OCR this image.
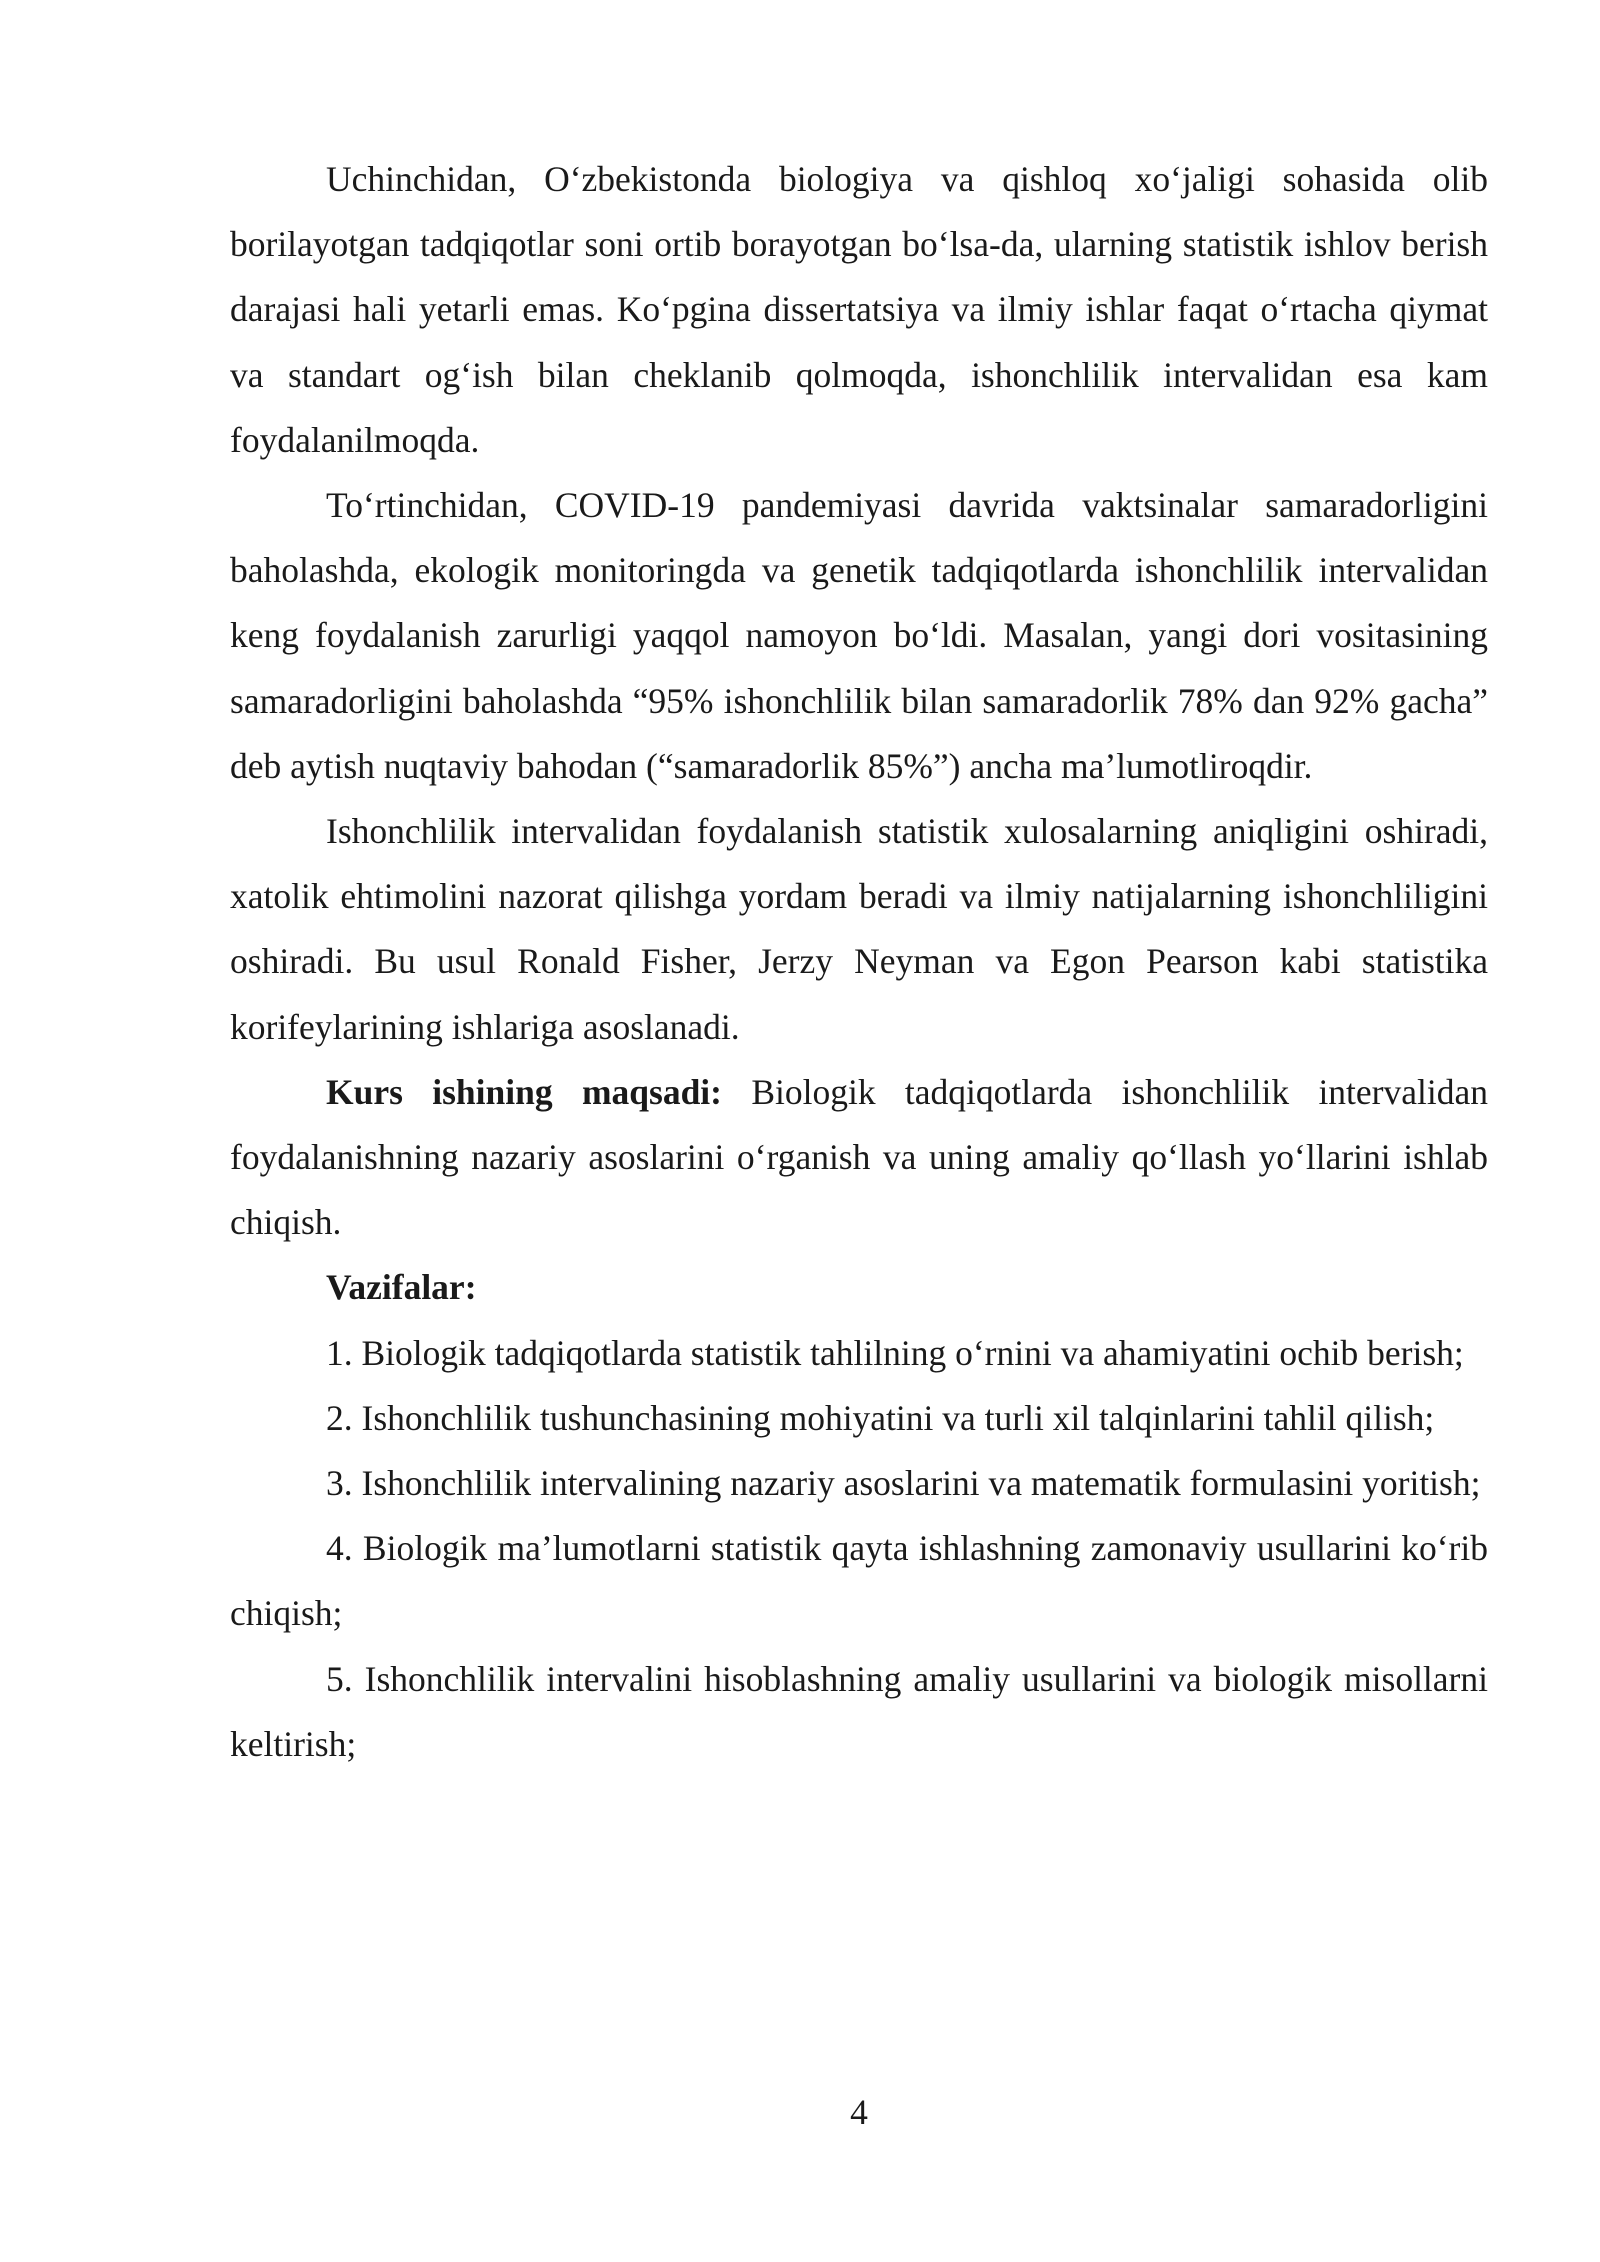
Uchinchidan, O‘zbekistonda biologiya va qishloq xo‘jaligi sohasida olib borilayotgan tadqiqotlar soni ortib borayotgan bo‘lsa-da, ularning statistik ishlov berish darajasi hali yetarli emas. Ko‘pgina dissertatsiya va ilmiy ishlar faqat o‘rtacha qiymat va standart og‘ish bilan cheklanib qolmoqda, ishonchlilik intervalidan esa kam foydalanilmoqda.

To‘rtinchidan, COVID-19 pandemiyasi davrida vaktsinalar samaradorligini baholashda, ekologik monitoringda va genetik tadqiqotlarda ishonchlilik intervalidan keng foydalanish zarurligi yaqqol namoyon bo‘ldi. Masalan, yangi dori vositasining samaradorligini baholashda “95% ishonchlilik bilan samaradorlik 78% dan 92% gacha” deb aytish nuqtaviy bahodan (“samaradorlik 85%”) ancha ma’lumotliroqdir.

Ishonchlilik intervalidan foydalanish statistik xulosalarning aniqligini oshiradi, xatolik ehtimolini nazorat qilishga yordam beradi va ilmiy natijalarning ishonchliligini oshiradi. Bu usul Ronald Fisher, Jerzy Neyman va Egon Pearson kabi statistika korifeylarining ishlariga asoslanadi.

Kurs ishining maqsadi: Biologik tadqiqotlarda ishonchlilik intervalidan foydalanishning nazariy asoslarini o‘rganish va uning amaliy qo‘llash yo‘llarini ishlab chiqish.

Vazifalar:

1. Biologik tadqiqotlarda statistik tahlilning o‘rnini va ahamiyatini ochib berish;

2. Ishonchlilik tushunchasining mohiyatini va turli xil talqinlarini tahlil qilish;

3. Ishonchlilik intervalining nazariy asoslarini va matematik formulasini yoritish;

4. Biologik ma’lumotlarni statistik qayta ishlashning zamonaviy usullarini ko‘rib chiqish;

5. Ishonchlilik intervalini hisoblashning amaliy usullarini va biologik misollarni keltirish;

4
